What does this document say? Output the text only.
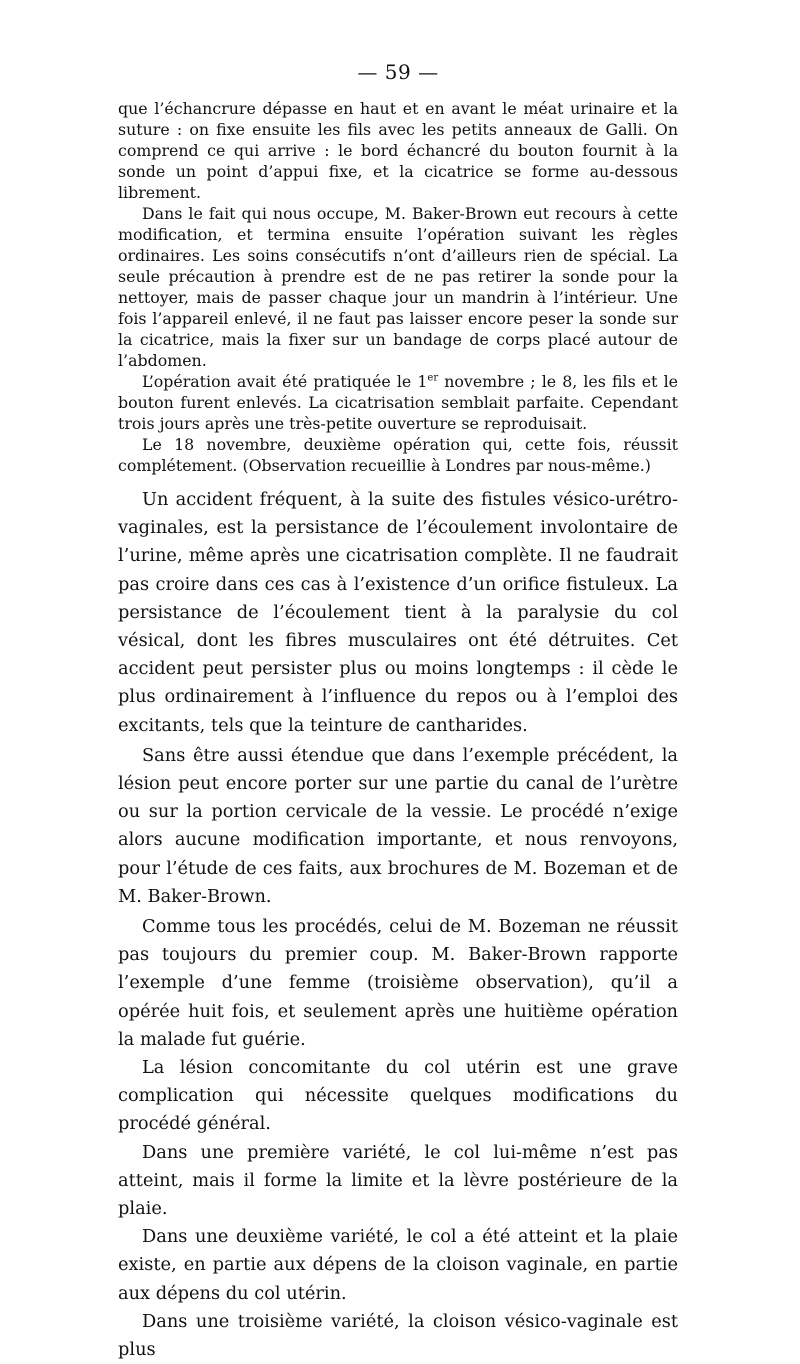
— 59 —

que l’échancrure dépasse en haut et en avant le méat urinaire et la suture : on fixe ensuite les fils avec les petits anneaux de Galli. On comprend ce qui arrive : le bord échancré du bouton fournit à la sonde un point d’appui fixe, et la cicatrice se forme au-dessous librement.

Dans le fait qui nous occupe, M. Baker-Brown eut recours à cette modification, et termina ensuite l’opération suivant les règles ordinaires. Les soins consécutifs n’ont d’ailleurs rien de spécial. La seule précaution à prendre est de ne pas retirer la sonde pour la nettoyer, mais de passer chaque jour un mandrin à l’intérieur. Une fois l’appareil enlevé, il ne faut pas laisser encore peser la sonde sur la cicatrice, mais la fixer sur un bandage de corps placé autour de l’abdomen.

L’opération avait été pratiquée le 1er novembre ; le 8, les fils et le bouton furent enlevés. La cicatrisation semblait parfaite. Cependant trois jours après une très-petite ouverture se reproduisait.

Le 18 novembre, deuxième opération qui, cette fois, réussit complétement. (Observation recueillie à Londres par nous-même.)

Un accident fréquent, à la suite des fistules vésico-urétro-vaginales, est la persistance de l’écoulement involontaire de l’urine, même après une cicatrisation complète. Il ne faudrait pas croire dans ces cas à l’existence d’un orifice fistuleux. La persistance de l’écoulement tient à la paralysie du col vésical, dont les fibres musculaires ont été détruites. Cet accident peut persister plus ou moins longtemps : il cède le plus ordinairement à l’influence du repos ou à l’emploi des excitants, tels que la teinture de cantharides.

Sans être aussi étendue que dans l’exemple précédent, la lésion peut encore porter sur une partie du canal de l’urètre ou sur la portion cervicale de la vessie. Le procédé n’exige alors aucune modification importante, et nous renvoyons, pour l’étude de ces faits, aux brochures de M. Bozeman et de M. Baker-Brown.

Comme tous les procédés, celui de M. Bozeman ne réussit pas toujours du premier coup. M. Baker-Brown rapporte l’exemple d’une femme (troisième observation), qu’il a opérée huit fois, et seulement après une huitième opération la malade fut guérie.

La lésion concomitante du col utérin est une grave complication qui nécessite quelques modifications du procédé général.

Dans une première variété, le col lui-même n’est pas atteint, mais il forme la limite et la lèvre postérieure de la plaie.

Dans une deuxième variété, le col a été atteint et la plaie existe, en partie aux dépens de la cloison vaginale, en partie aux dépens du col utérin.

Dans une troisième variété, la cloison vésico-vaginale est plus
